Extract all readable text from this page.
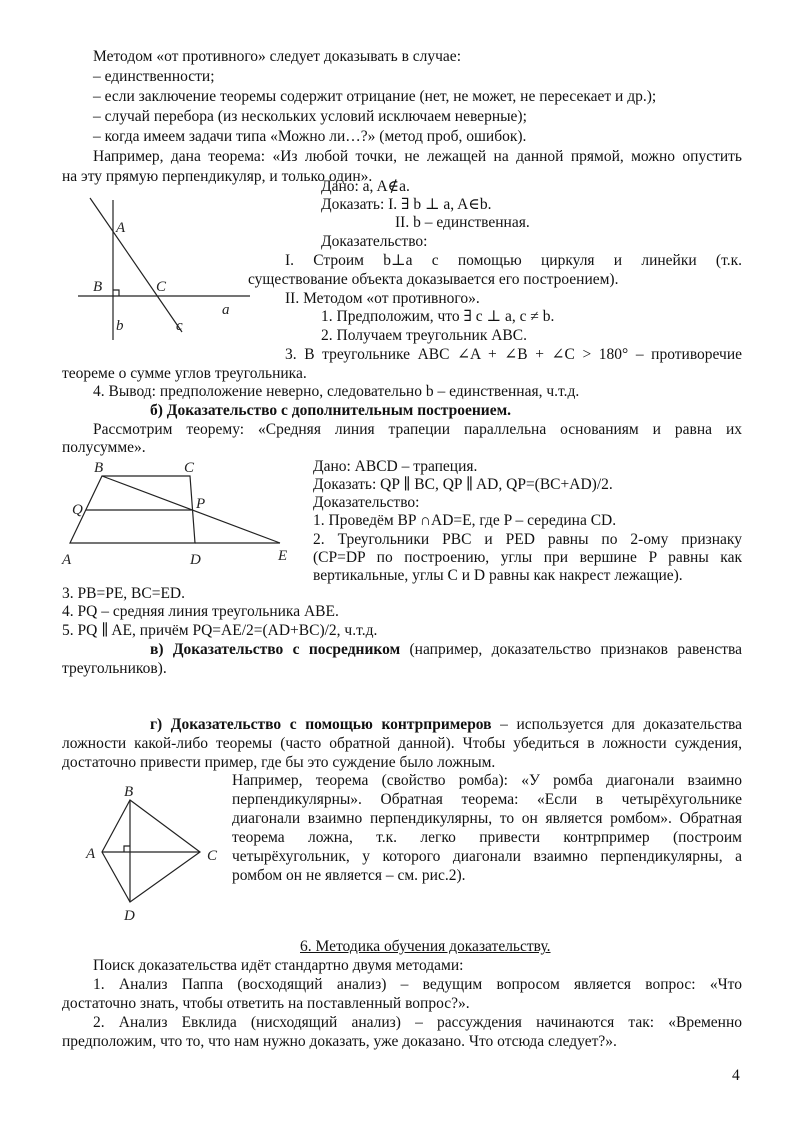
Методом «от противного» следует доказывать в случае:
– единственности;
– если заключение теоремы содержит отрицание (нет, не может, не пересекает и др.);
– случай перебора (из нескольких условий исключаем неверные);
– когда имеем задачи типа «Можно ли…?» (метод проб, ошибок).
Например, дана теорема: «Из любой точки, не лежащей на данной прямой, можно опустить
на эту прямую перпендикуляр, и только один».
A
B	C
a
b	c
Дано: a, A∉a.
Доказать: I. ∃ b ⊥ a, A∈b.
II. b – единственная.
Доказательство:
I. Строим b⊥a с помощью циркуля и линейки (т.к.
существование объекта доказывается его построением).
II. Методом «от противного».
1. Предположим, что ∃ c ⊥ a, c ≠ b.
2. Получаем треугольник ABC.
3. В треугольнике ABC ∠A + ∠B + ∠C > 180° – противоречие
теореме о сумме углов треугольника.
4. Вывод: предположение неверно, следовательно b – единственная, ч.т.д.
б) Доказательство с дополнительным построением.
Рассмотрим теорему: «Средняя линия трапеции параллельна основаниям и равна их
полусумме».
B	C
Q	P
A	D	E
Дано: ABCD – трапеция.
Доказать: QP ∥ BC, QP ∥ AD, QP=(BC+AD)/2.
Доказательство:
1. Проведём BP ∩AD=E, где P – середина CD.
2. Треугольники PBC и PED равны по 2-ому признаку
(CP=DP по построению, углы при вершине P равны как
вертикальные, углы C и D равны как накрест лежащие).
3. PB=PE, BC=ED.
4. PQ – средняя линия треугольника ABE.
5. PQ ∥ AE, причём PQ=AE/2=(AD+BC)/2, ч.т.д.
в) Доказательство с посредником (например, доказательство признаков равенства
треугольников).
г) Доказательство с помощью контрпримеров – используется для доказательства
ложности какой-либо теоремы (часто обратной данной). Чтобы убедиться в ложности суждения,
достаточно привести пример, где бы это суждение было ложным.
B
A	C
D
Например, теорема (свойство ромба): «У ромба диагонали взаимно
перпендикулярны». Обратная теорема: «Если в четырёхугольнике
диагонали взаимно перпендикулярны, то он является ромбом». Обратная
теорема ложна, т.к. легко привести контрпример (построим
четырёхугольник, у которого диагонали взаимно перпендикулярны, а
ромбом он не является – см. рис.2).
6. Методика обучения доказательству.
Поиск доказательства идёт стандартно двумя методами:
1. Анализ Паппа (восходящий анализ) – ведущим вопросом является вопрос: «Что
достаточно знать, чтобы ответить на поставленный вопрос?».
2. Анализ Евклида (нисходящий анализ) – рассуждения начинаются так: «Временно
предположим, что то, что нам нужно доказать, уже доказано. Что отсюда следует?».
4
